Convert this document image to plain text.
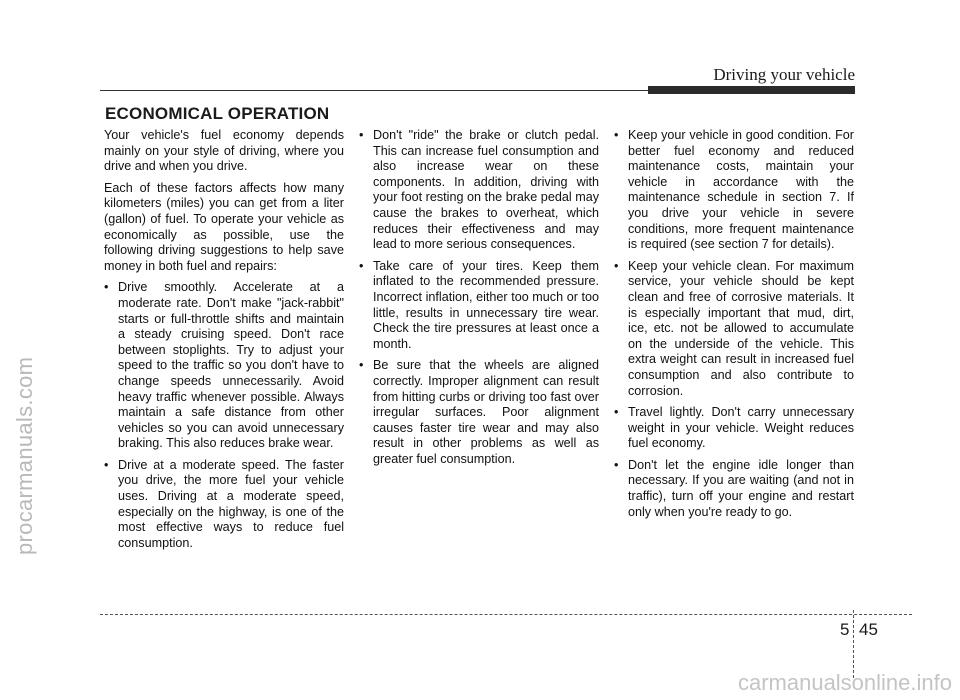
procarmanuals.com
carmanualsonline.info
Driving your vehicle
ECONOMICAL OPERATION

Your vehicle's fuel economy depends mainly on your style of driving, where you drive and when you drive.

Each of these factors affects how many kilometers (miles) you can get from a liter (gallon) of fuel. To operate your vehicle as economically as possible, use the following driving suggestions to help save money in both fuel and repairs:

• Drive smoothly. Accelerate at a moderate rate. Don't make "jack-rabbit" starts or full-throttle shifts and maintain a steady cruising speed. Don't race between stoplights. Try to adjust your speed to the traffic so you don't have to change speeds unnecessarily. Avoid heavy traffic whenever possible. Always maintain a safe distance from other vehicles so you can avoid unnecessary braking. This also reduces brake wear.
• Drive at a moderate speed. The faster you drive, the more fuel your vehicle uses. Driving at a moderate speed, especially on the highway, is one of the most effective ways to reduce fuel consumption.
• Don't "ride" the brake or clutch pedal. This can increase fuel consumption and also increase wear on these components. In addition, driving with your foot resting on the brake pedal may cause the brakes to overheat, which reduces their effectiveness and may lead to more serious consequences.
• Take care of your tires. Keep them inflated to the recommended pressure. Incorrect inflation, either too much or too little, results in unnecessary tire wear. Check the tire pressures at least once a month.
• Be sure that the wheels are aligned correctly. Improper alignment can result from hitting curbs or driving too fast over irregular surfaces. Poor alignment causes faster tire wear and may also result in other problems as well as greater fuel consumption.
• Keep your vehicle in good condition. For better fuel economy and reduced maintenance costs, maintain your vehicle in accordance with the maintenance schedule in section 7. If you drive your vehicle in severe conditions, more frequent maintenance is required (see section 7 for details).
• Keep your vehicle clean. For maximum service, your vehicle should be kept clean and free of corrosive materials. It is especially important that mud, dirt, ice, etc. not be allowed to accumulate on the underside of the vehicle. This extra weight can result in increased fuel consumption and also contribute to corrosion.
• Travel lightly. Don't carry unnecessary weight in your vehicle. Weight reduces fuel economy.
• Don't let the engine idle longer than necessary. If you are waiting (and not in traffic), turn off your engine and restart only when you're ready to go.
5 45
